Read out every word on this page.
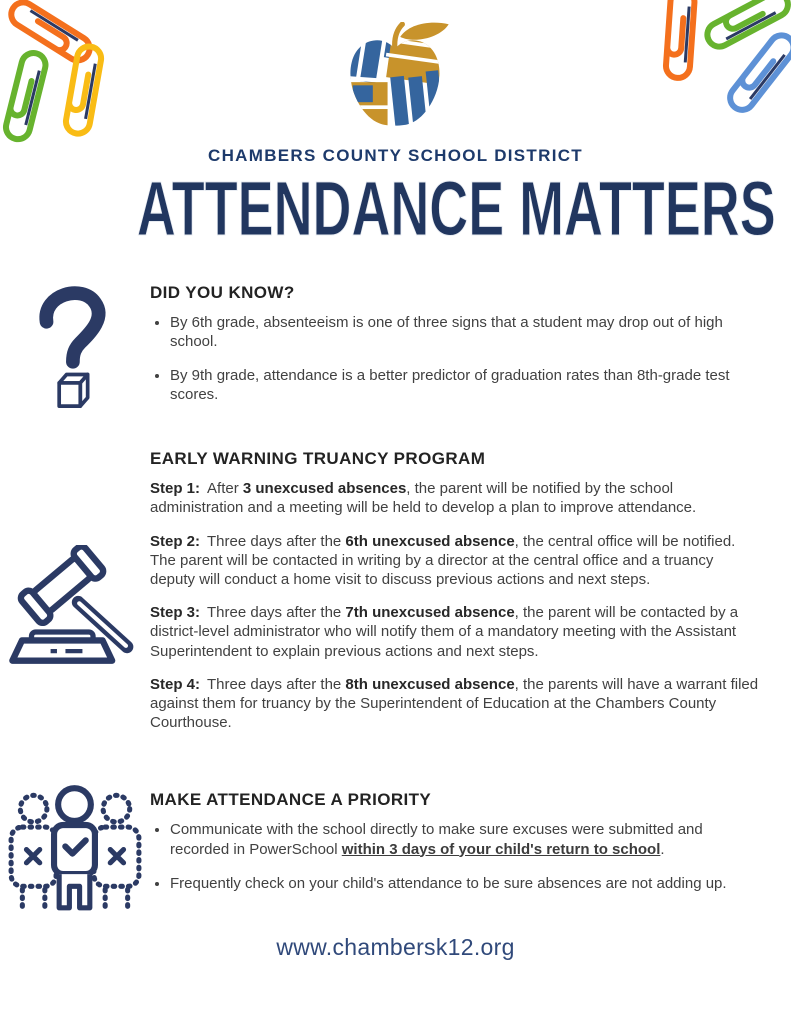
CHAMBERS COUNTY SCHOOL DISTRICT
ATTENDANCE MATTERS
DID YOU KNOW?
• By 6th grade, absenteeism is one of three signs that a student may drop out of high school.
• By 9th grade, attendance is a better predictor of graduation rates than 8th-grade test scores.
EARLY WARNING TRUANCY PROGRAM

Step 1: After 3 unexcused absences, the parent will be notified by the school administration and a meeting will be held to develop a plan to improve attendance.

Step 2: Three days after the 6th unexcused absence, the central office will be notified. The parent will be contacted in writing by a director at the central office and a truancy deputy will conduct a home visit to discuss previous actions and next steps.

Step 3: Three days after the 7th unexcused absence, the parent will be contacted by a district-level administrator who will notify them of a mandatory meeting with the Assistant Superintendent to explain previous actions and next steps.

Step 4: Three days after the 8th unexcused absence, the parents will have a warrant filed against them for truancy by the Superintendent of Education at the Chambers County Courthouse.

MAKE ATTENDANCE A PRIORITY
• Communicate with the school directly to make sure excuses were submitted and recorded in PowerSchool within 3 days of your child's return to school.
• Frequently check on your child's attendance to be sure absences are not adding up.
www.chambersk12.org
